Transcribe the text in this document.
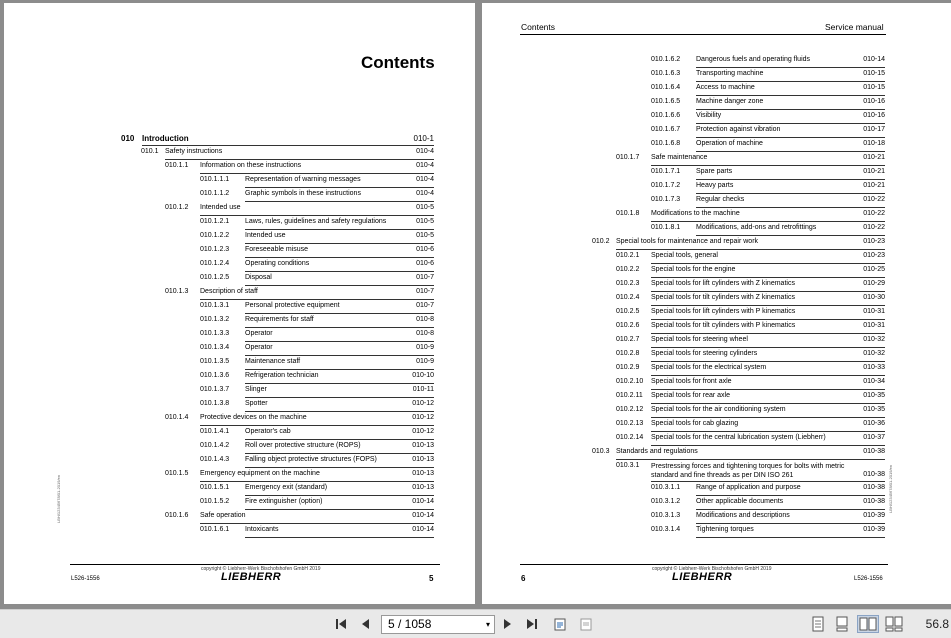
Contents
010 Introduction	010-1
010.1 Safety instructions	010-4
010.1.1 Information on these instructions	010-4
010.1.1.1 Representation of warning messages	010-4
010.1.1.2 Graphic symbols in these instructions	010-4
010.1.2 Intended use	010-5
010.1.2.1 Laws, rules, guidelines and safety regulations	010-5
010.1.2.2 Intended use	010-5
010.1.2.3 Foreseeable misuse	010-6
010.1.2.4 Operating conditions	010-6
010.1.2.5 Disposal	010-7
010.1.3 Description of staff	010-7
010.1.3.1 Personal protective equipment	010-7
010.1.3.2 Requirements for staff	010-8
010.1.3.3 Operator	010-8
010.1.3.4 Operator	010-9
010.1.3.5 Maintenance staff	010-9
010.1.3.6 Refrigeration technician	010-10
010.1.3.7 Slinger	010-11
010.1.3.8 Spotter	010-12
010.1.4 Protective devices on the machine	010-12
010.1.4.1 Operator's cab	010-12
010.1.4.2 Roll over protective structure (ROPS)	010-13
010.1.4.3 Falling object protective structures (FOPS)	010-13
010.1.5 Emergency equipment on the machine	010-13
010.1.5.1 Emergency exit (standard)	010-13
010.1.5.2 Fire extinguisher (option)	010-14
010.1.6 Safe operation	010-14
010.1.6.1 Intoxicants	010-14
LBH/12345678/01-2019/en
copyright © Liebherr-Werk Bischofshofen GmbH 2019
LIEBHERR
L526-1556	5
Contents	Service manual
010.1.6.2 Dangerous fuels and operating fluids	010-14
010.1.6.3 Transporting machine	010-15
010.1.6.4 Access to machine	010-15
010.1.6.5 Machine danger zone	010-16
010.1.6.6 Visibility	010-16
010.1.6.7 Protection against vibration	010-17
010.1.6.8 Operation of machine	010-18
010.1.7 Safe maintenance	010-21
010.1.7.1 Spare parts	010-21
010.1.7.2 Heavy parts	010-21
010.1.7.3 Regular checks	010-22
010.1.8 Modifications to the machine	010-22
010.1.8.1 Modifications, add-ons and retrofittings	010-22
010.2 Special tools for maintenance and repair work	010-23
010.2.1 Special tools, general	010-23
010.2.2 Special tools for the engine	010-25
010.2.3 Special tools for lift cylinders with Z kinematics	010-29
010.2.4 Special tools for tilt cylinders with Z kinematics	010-30
010.2.5 Special tools for lift cylinders with P kinematics	010-31
010.2.6 Special tools for tilt cylinders with P kinematics	010-31
010.2.7 Special tools for steering wheel	010-32
010.2.8 Special tools for steering cylinders	010-32
010.2.9 Special tools for the electrical system	010-33
010.2.10 Special tools for front axle	010-34
010.2.11 Special tools for rear axle	010-35
010.2.12 Special tools for the air conditioning system	010-35
010.2.13 Special tools for cab glazing	010-36
010.2.14 Special tools for the central lubrication system (Liebherr)	010-37
010.3 Standards and regulations	010-38
010.3.1 Prestressing forces and tightening torques for bolts with metric standard and fine threads as per DIN ISO 261	010-38
010.3.1.1 Range of application and purpose	010-38
010.3.1.2 Other applicable documents	010-38
010.3.1.3 Modifications and descriptions	010-39
010.3.1.4 Tightening torques	010-39
LBH/12345678/01-2019/en
copyright © Liebherr-Werk Bischofshofen GmbH 2019
LIEBHERR
6	L526-1556
5 / 1058	▾	56.8
